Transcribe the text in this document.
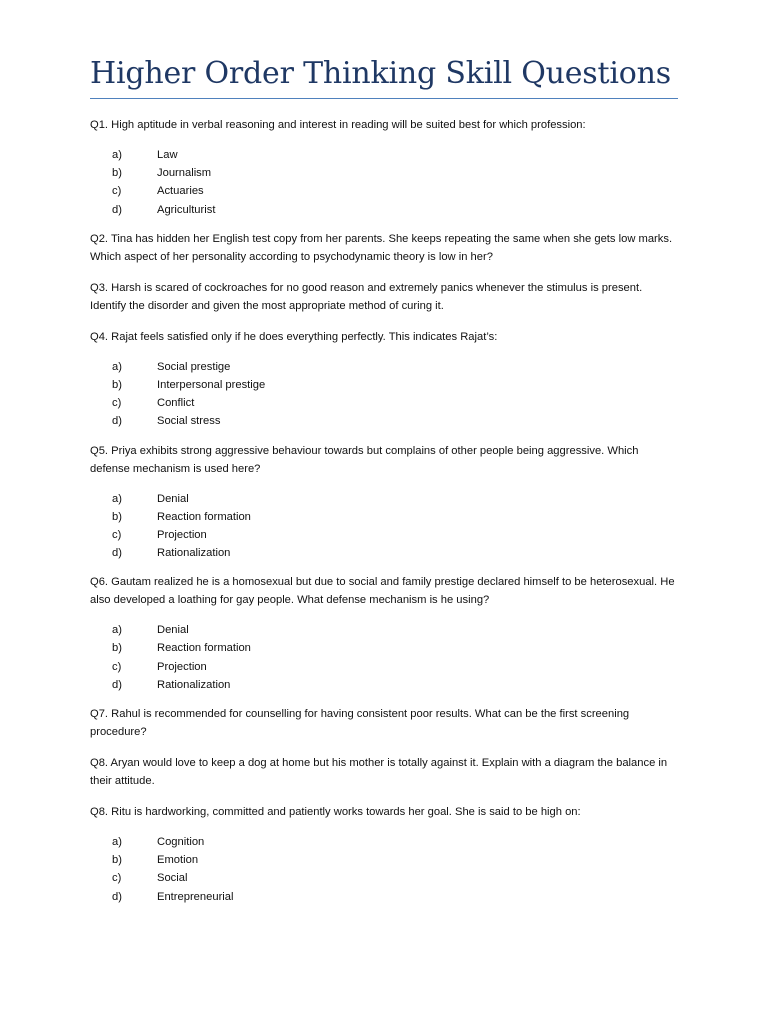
Higher Order Thinking Skill Questions

Q1. High aptitude in verbal reasoning and interest in reading will be suited best for which profession:

a)	Law
b)	Journalism
c)	Actuaries
d)	Agriculturist

Q2. Tina has hidden her English test copy from her parents. She keeps repeating the same when she gets low marks. Which aspect of her personality according to psychodynamic theory is low in her?

Q3. Harsh is scared of cockroaches for no good reason and extremely panics whenever the stimulus is present. Identify the disorder and given the most appropriate method of curing it.

Q4. Rajat feels satisfied only if he does everything perfectly. This indicates Rajat’s:

a)	Social prestige
b)	Interpersonal prestige
c)	Conflict
d)	Social stress

Q5. Priya exhibits strong aggressive behaviour towards but complains of other people being aggressive. Which defense mechanism is used here?

a)	Denial
b)	Reaction formation
c)	Projection
d)	Rationalization

Q6. Gautam realized he is a homosexual but due to social and family prestige declared himself to be heterosexual. He also developed a loathing for gay people. What defense mechanism is he using?

a)	Denial
b)	Reaction formation
c)	Projection
d)	Rationalization

Q7. Rahul is recommended for counselling for having consistent poor results. What can be the first screening procedure?

Q8. Aryan would love to keep a dog at home but his mother is totally against it. Explain with a diagram the balance in their attitude.

Q8. Ritu is hardworking, committed and patiently works towards her goal. She is said to be high on:

a)	Cognition
b)	Emotion
c)	Social
d)	Entrepreneurial
